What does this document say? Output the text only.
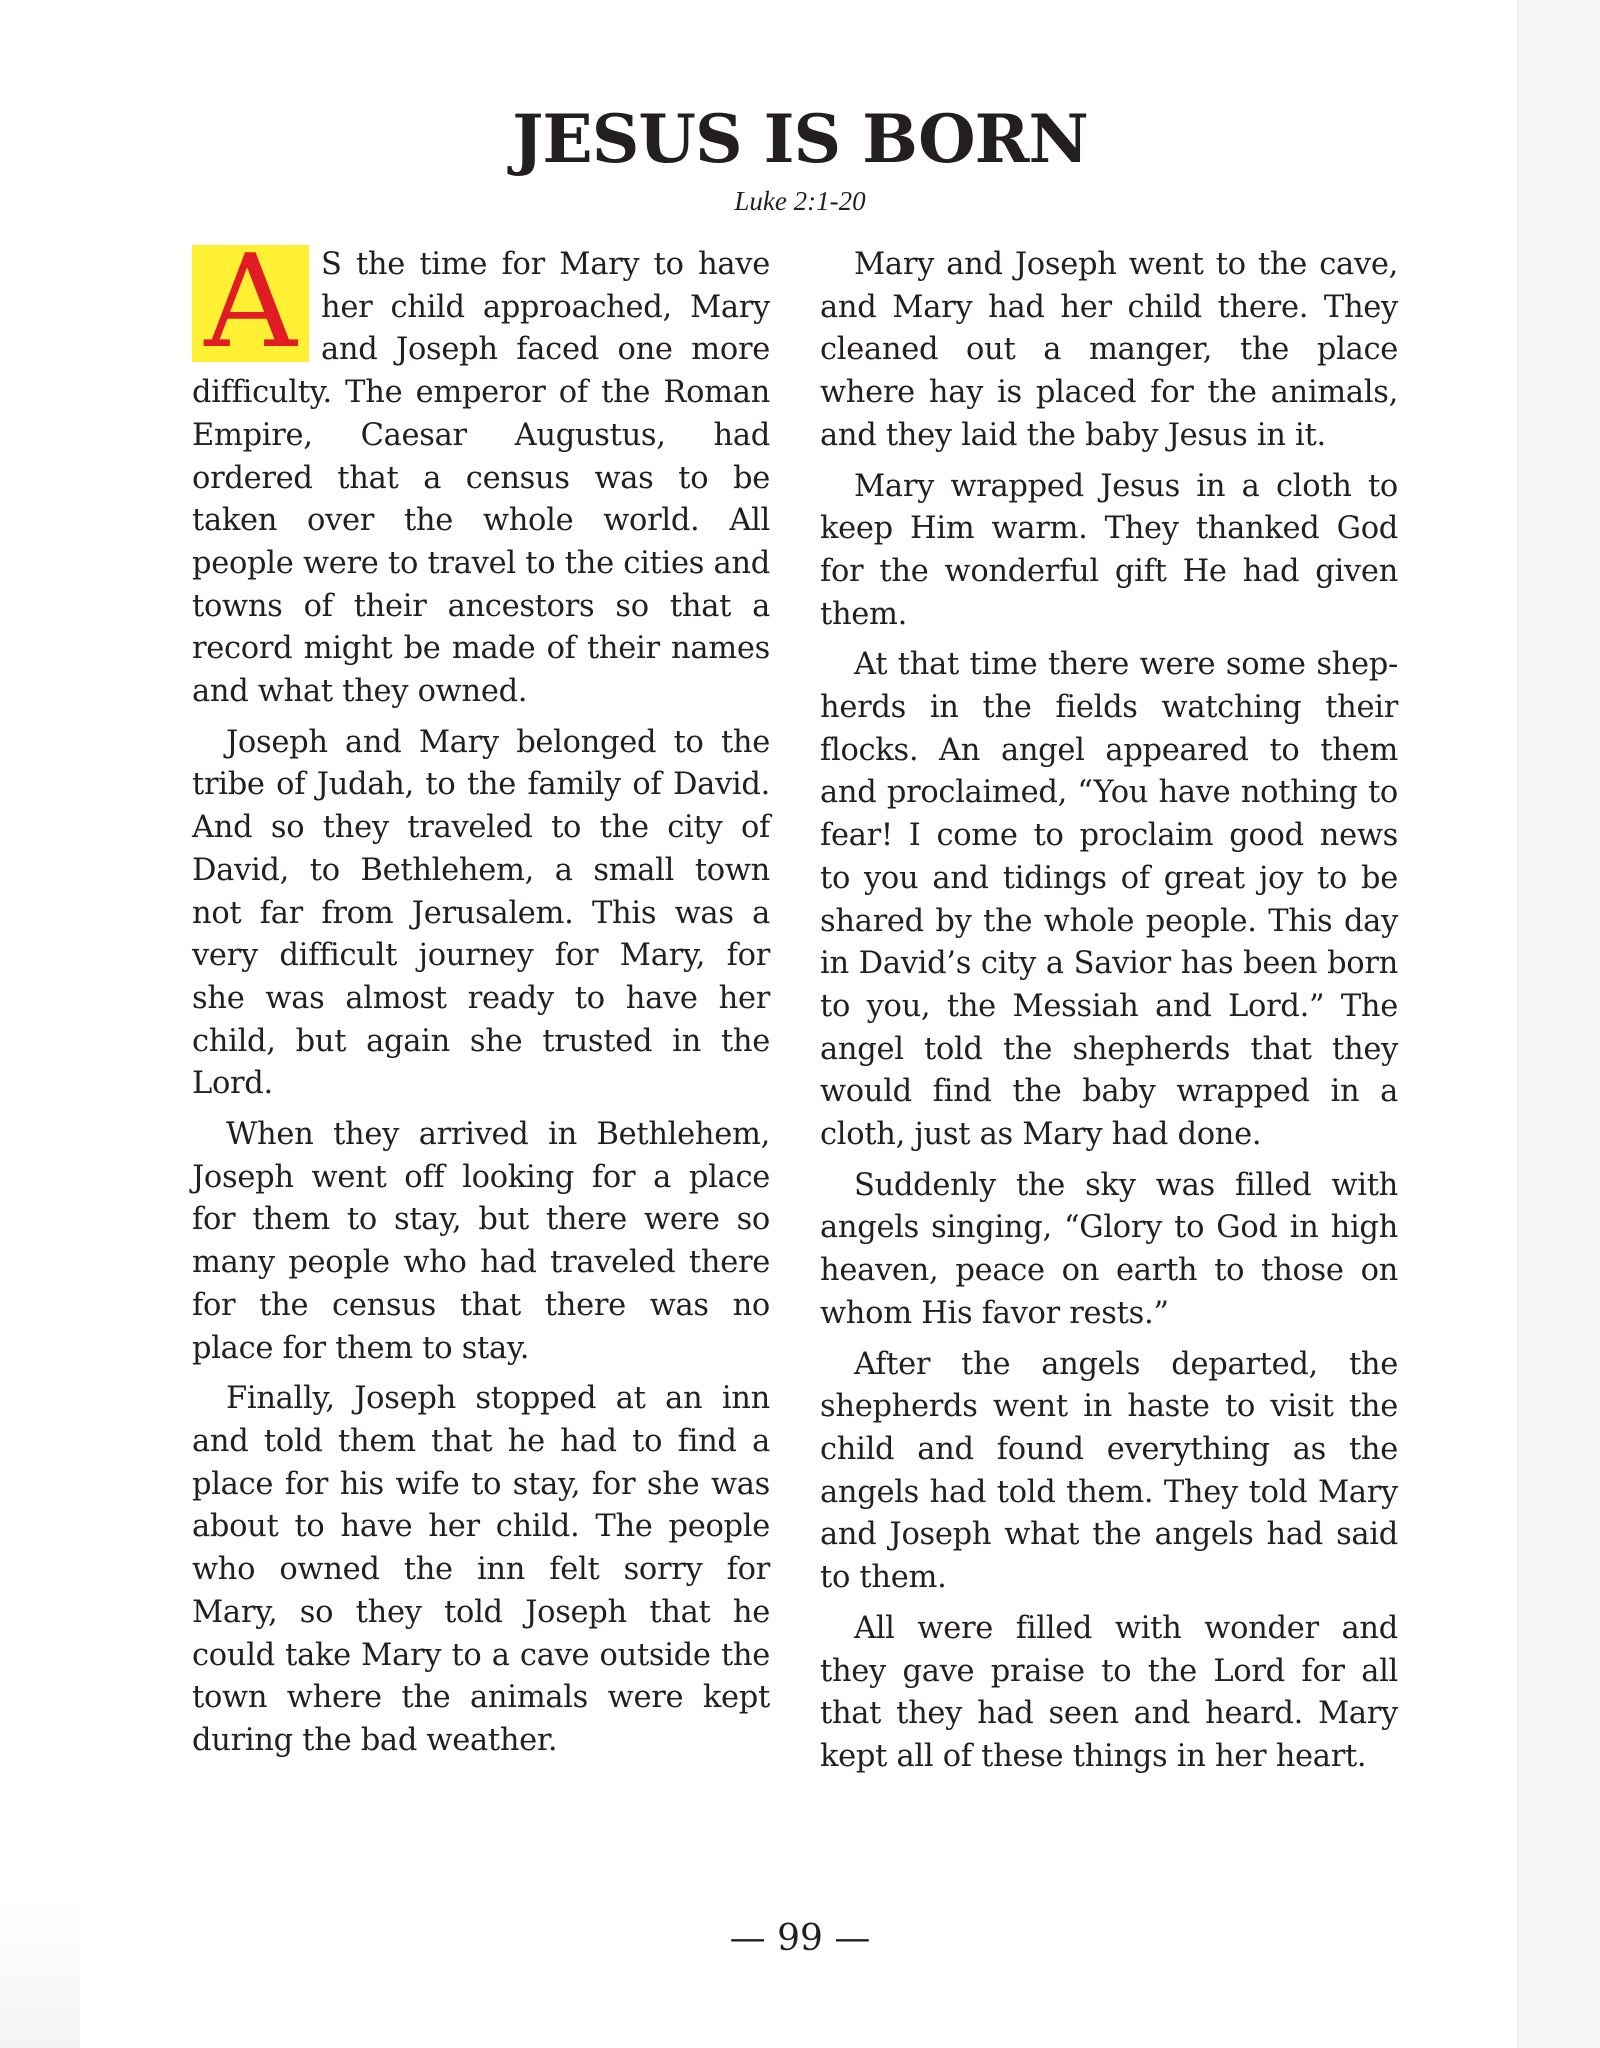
JESUS IS BORN
Luke 2:1-20

A S the time for Mary to have her child approached, Mary and Joseph faced one more difficulty. The emperor of the Roman Empire, Caesar Augustus, had ordered that a census was to be taken over the whole world. All people were to travel to the cities and towns of their ancestors so that a record might be made of their names and what they owned.

Joseph and Mary belonged to the tribe of Judah, to the family of David. And so they traveled to the city of David, to Bethlehem, a small town not far from Jerusalem. This was a very difficult journey for Mary, for she was almost ready to have her child, but again she trusted in the Lord.

When they arrived in Bethlehem, Joseph went off looking for a place for them to stay, but there were so many people who had traveled there for the census that there was no place for them to stay.

Finally, Joseph stopped at an inn and told them that he had to find a place for his wife to stay, for she was about to have her child. The people who owned the inn felt sorry for Mary, so they told Joseph that he could take Mary to a cave outside the town where the animals were kept during the bad weather.

Mary and Joseph went to the cave, and Mary had her child there. They cleaned out a manger, the place where hay is placed for the animals, and they laid the baby Jesus in it.

Mary wrapped Jesus in a cloth to keep Him warm. They thanked God for the wonderful gift He had given them.

At that time there were some shep- herds in the fields watching their flocks. An angel appeared to them and proclaimed, “You have nothing to fear! I come to proclaim good news to you and tidings of great joy to be shared by the whole people. This day in David’s city a Savior has been born to you, the Messiah and Lord.” The angel told the shepherds that they would find the baby wrapped in a cloth, just as Mary had done.

Suddenly the sky was filled with angels singing, “Glory to God in high heaven, peace on earth to those on whom His favor rests.”

After the angels departed, the shepherds went in haste to visit the child and found everything as the angels had told them. They told Mary and Joseph what the angels had said to them.

All were filled with wonder and they gave praise to the Lord for all that they had seen and heard. Mary kept all of these things in her heart.

— 99 —
